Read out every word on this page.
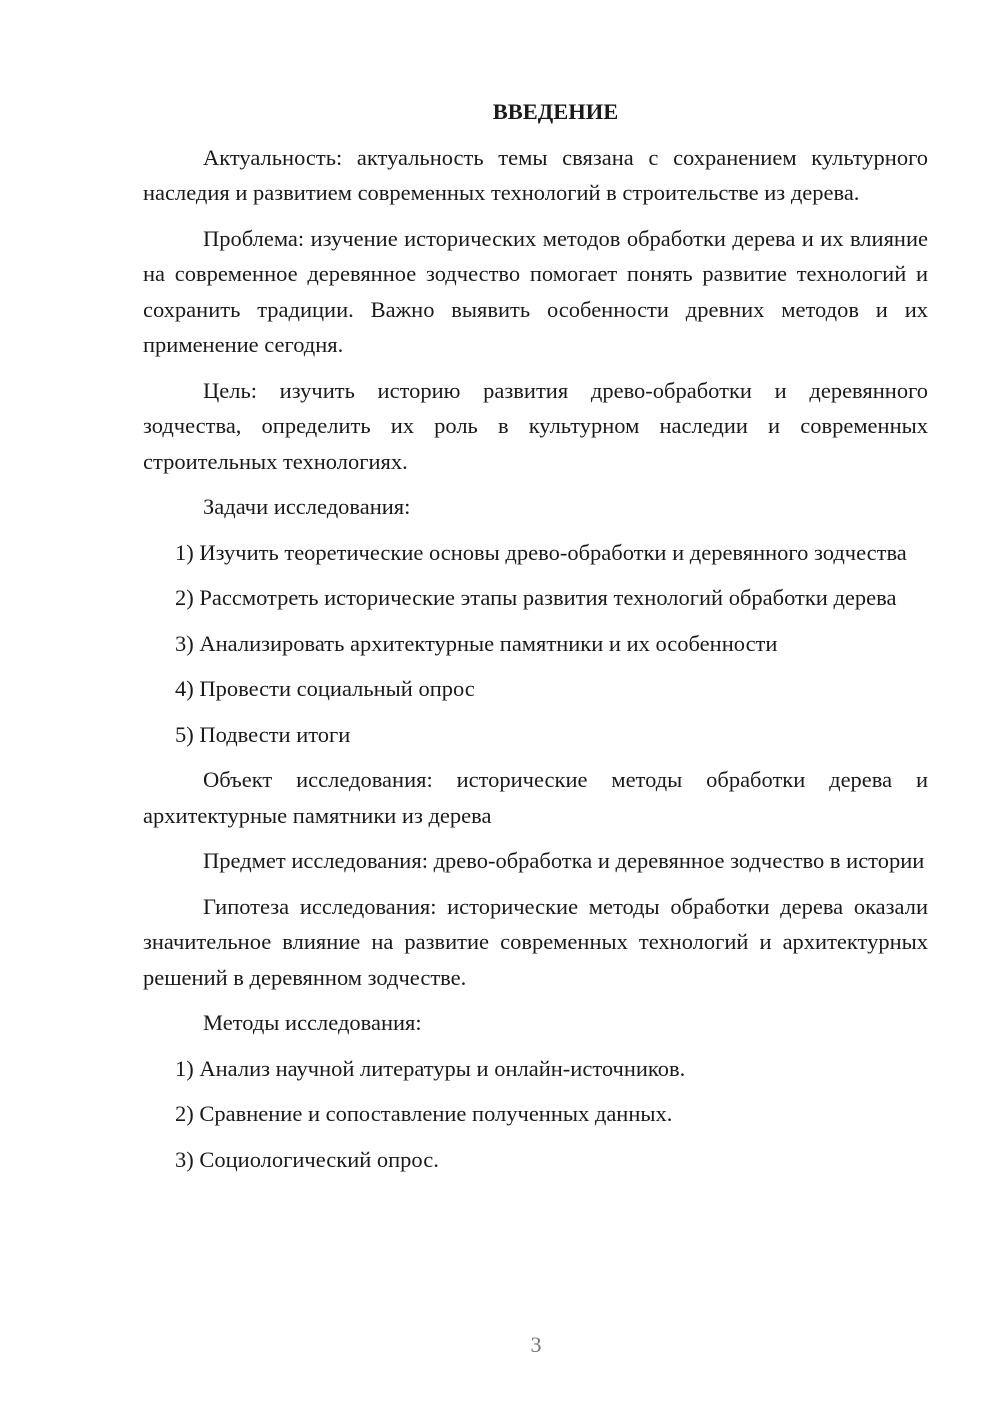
ВВЕДЕНИЕ

Актуальность: актуальность темы связана с сохранением культурного наследия и развитием современных технологий в строительстве из дерева.

Проблема: изучение исторических методов обработки дерева и их влияние на современное деревянное зодчество помогает понять развитие технологий и сохранить традиции. Важно выявить особенности древних методов и их применение сегодня.

Цель: изучить историю развития древо-обработки и деревянного зодчества, определить их роль в культурном наследии и современных строительных технологиях.

Задачи исследования:

1) Изучить теоретические основы древо-обработки и деревянного зодчества

2) Рассмотреть исторические этапы развития технологий обработки дерева

3) Анализировать архитектурные памятники и их особенности

4) Провести социальный опрос

5) Подвести итоги

Объект исследования: исторические методы обработки дерева и архитектурные памятники из дерева

Предмет исследования: древо-обработка и деревянное зодчество в истории

Гипотеза исследования: исторические методы обработки дерева оказали значительное влияние на развитие современных технологий и архитектурных решений в деревянном зодчестве.

Методы исследования:

1) Анализ научной литературы и онлайн-источников.

2) Сравнение и сопоставление полученных данных.

3) Социологический опрос.

3
